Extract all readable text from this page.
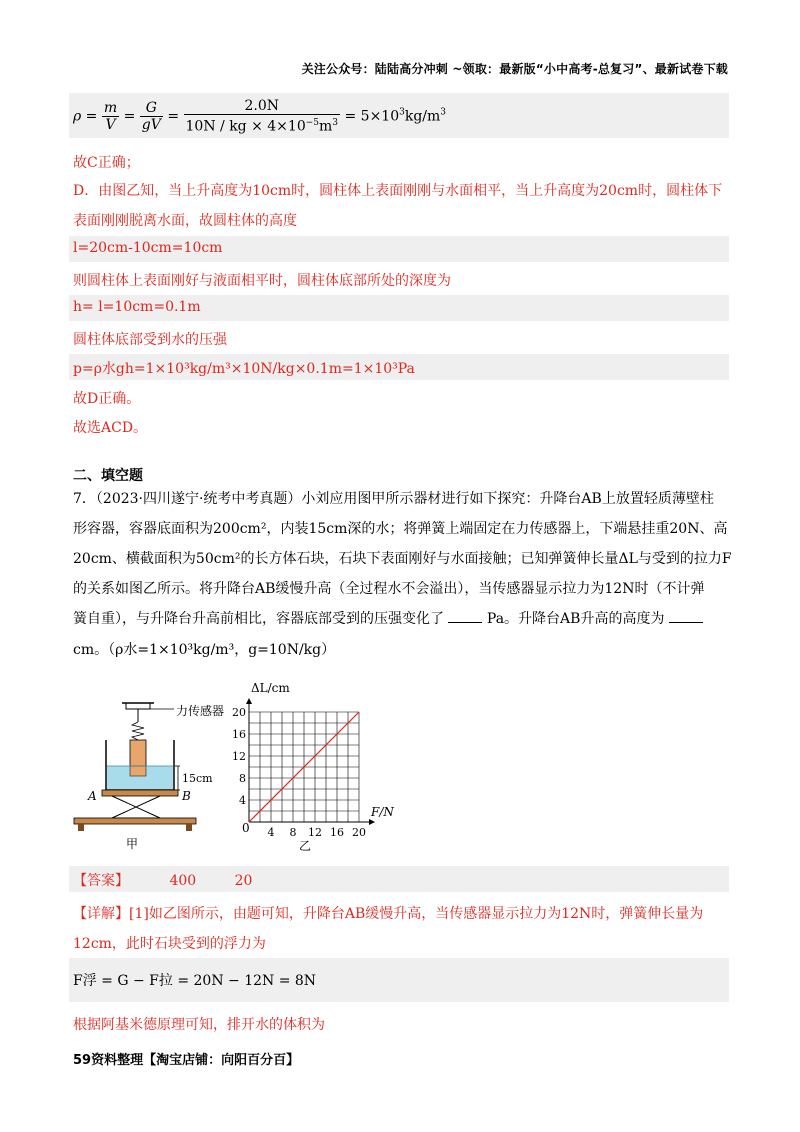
关注公众号：陆陆高分冲刺 ~领取：最新版“小中高考-总复习”、最新试卷下载
$\rho = \frac{m}{V} = \frac{G}{gV} = \frac{2.0N}{10N / kg \times 4\times 10^{-5}m^3} = 5\times 10^3kg/m^3$
故C正确；
D．由图乙知，当上升高度为10cm时，圆柱体上表面刚刚与水面相平，当上升高度为20cm时，圆柱体下
表面刚刚脱离水面，故圆柱体的高度
l=20cm-10cm=10cm
则圆柱体上表面刚好与液面相平时，圆柱体底部所处的深度为
h= l=10cm=0.1m
圆柱体底部受到水的压强
p=ρ水gh=1×10³kg/m³×10N/kg×0.1m=1×10³Pa
故D正确。
故选ACD。
二、填空题
7．（2023·四川遂宁·统考中考真题）小刘应用图甲所示器材进行如下探究：升降台AB上放置轻质薄壁柱
形容器，容器底面积为200cm²，内装15cm深的水；将弹簧上端固定在力传感器上，下端悬挂重20N、高
20cm、横截面积为50cm²的长方体石块，石块下表面刚好与水面接触；已知弹簧伸长量ΔL与受到的拉力F
的关系如图乙所示。将升降台AB缓慢升高（全过程水不会溢出），当传感器显示拉力为12N时（不计弹
簧自重），与升降台升高前相比，容器底部受到的压强变化了	Pa。升降台AB升高的高度为
cm。（ρ水=1×10³kg/m³，g=10N/kg）
力传感器
15cm
A	B
甲
4 8 12 16 20
4
8
12
16
20
ΔL/cm
F/N
0
乙
【答案】	400	20
【详解】[1]如乙图所示，由题可知，升降台AB缓慢升高，当传感器显示拉力为12N时，弹簧伸长量为
12cm，此时石块受到的浮力为
F浮 = G − F拉 = 20N − 12N = 8N
根据阿基米德原理可知，排开水的体积为
59资料整理【淘宝店铺：向阳百分百】
